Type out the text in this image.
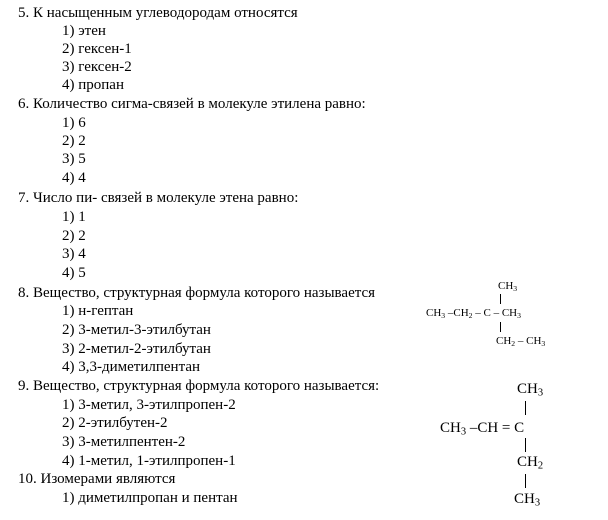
5. К насыщенным углеводородам относятся
1) этен
2) гексен-1
3) гексен-2
4) пропан
6. Количество сигма-связей в молекуле этилена равно:
1) 6
2) 2
3) 5
4) 4
7. Число пи- связей в молекуле этена равно:
1) 1
2) 2
3) 4
4) 5
8. Вещество, структурная формула которого называется
1) н-гептан
2) 3-метил-3-этилбутан
3) 2-метил-2-этилбутан
4) 3,3-диметилпентан
$CH_3$
$CH_3$ $-CH_2$ – C – $CH_3$
$CH_2 - CH_3$
9. Вещество, структурная формула которого называется:
1) 3-метил, 3-этилпропен-2
2) 2-этилбутен-2
3) 3-метилпентен-2
4) 1-метил, 1-этилпропен-1
$CH_3$
$CH_3$ –CH = C
$CH_2$
$CH_3$
10. Изомерами являются
1) диметилпропан и пентан
